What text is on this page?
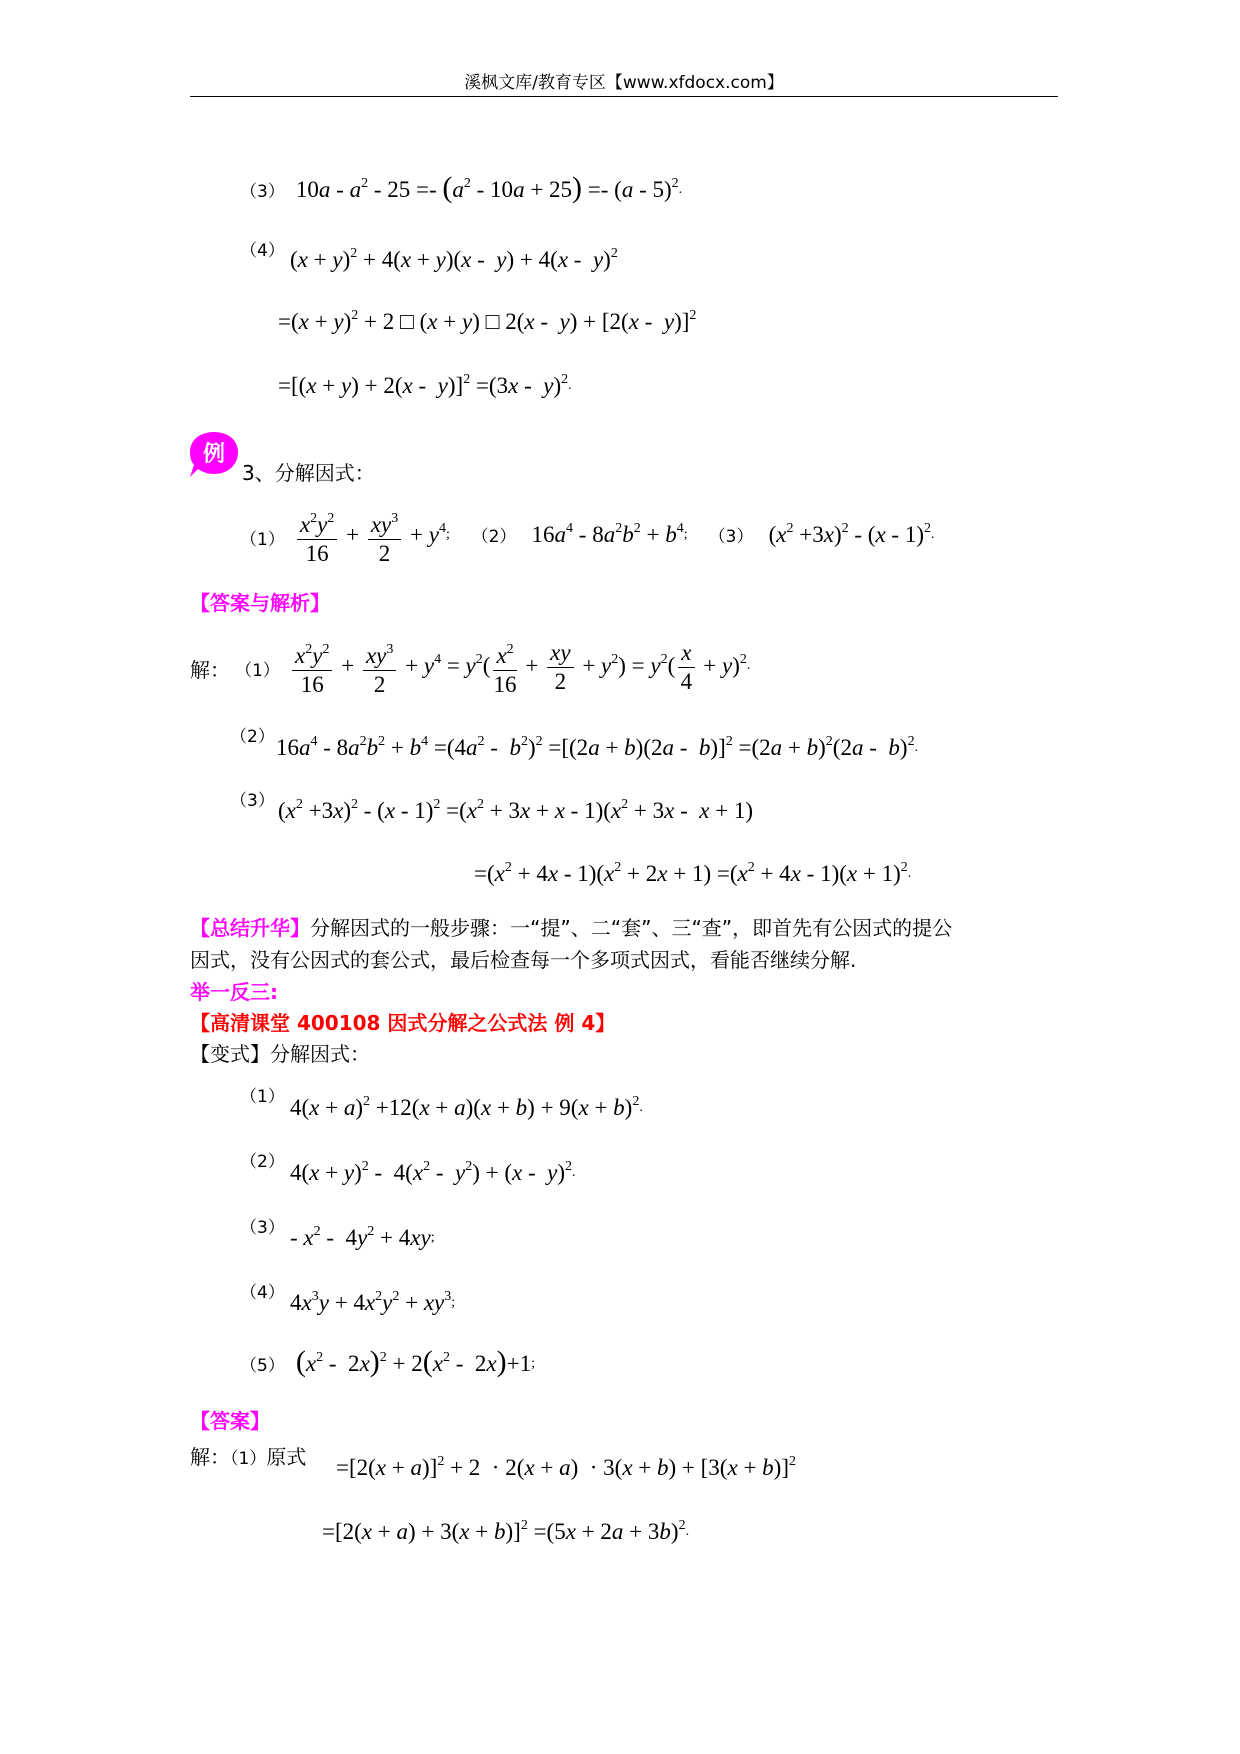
溪枫文库/教育专区【www.xfdocx.com】
（3） $10a - a^2 - 25 =- (a^2 - 10a + 25) =- (a - 5)^2$.
（4） $(x + y)^2 + 4(x + y)(x - y) + 4(x - y)^2$
$=(x + y)^2 + 2$ □ (x + y) □ 2(x -  y) + [2(x -  y)]$^2$
$=[(x + y) + 2(x - y)]^2 =(3x - y)^2$.
例
3、分解因式：
$(1) \frac{x^2y^2}{16} + \frac{xy^3}{2} + y^4$; （2） $16a^4 - 8a^2b^2 + b^4$; （3） $(x^2 +3x)^2 - (x - 1)^2$.
【答案与解析】
解： $(1) \frac{x^2y^2}{16} + \frac{xy^3}{2} + y^4 = y^2( \frac{x^2}{16} + \frac{xy}{2} + y^2) = y^2( \frac{x}{4} + y)^2$.
（2） $16a^4 - 8a^2b^2 + b^4 =(4a^2 - b^2)^2 =[(2a + b)(2a - b)]^2 =(2a + b)^2(2a - b)^2$.
（3） $(x^2 +3x)^2 - (x - 1)^2 =(x^2 + 3x + x - 1)(x^2 + 3x - x + 1)$
$=(x^2 + 4x - 1)(x^2 + 2x + 1) =(x^2 + 4x - 1)(x + 1)^2$.
【总结升华】分解因式的一般步骤：一“提”、二“套”、三“查”，即首先有公因式的提公
因式，没有公因式的套公式，最后检查每一个多项式因式，看能否继续分解.
举一反三:
【高清课堂 400108 因式分解之公式法 例 4】
【变式】分解因式：
（1） $4(x + a)^2 +12(x + a)(x + b) + 9(x + b)^2$.
（2） $4(x + y)^2 - 4(x^2 - y^2) + (x - y)^2$.
$(3) - x^2 - 4y^2 + 4xy$;
（4） $4x^3y + 4x^2y^2 + xy^3$;
（5） $(x^2 - 2x)^2 + 2(x^2 - 2x)+1$;
【答案】
解：（1）原式 $=[2(x + a)]^2 + 2 \cdot 2(x + a) \cdot 3(x + b) + [3(x + b)]^2$
$=[2(x + a) + 3(x + b)]^2 =(5x + 2a + 3b)^2$.
